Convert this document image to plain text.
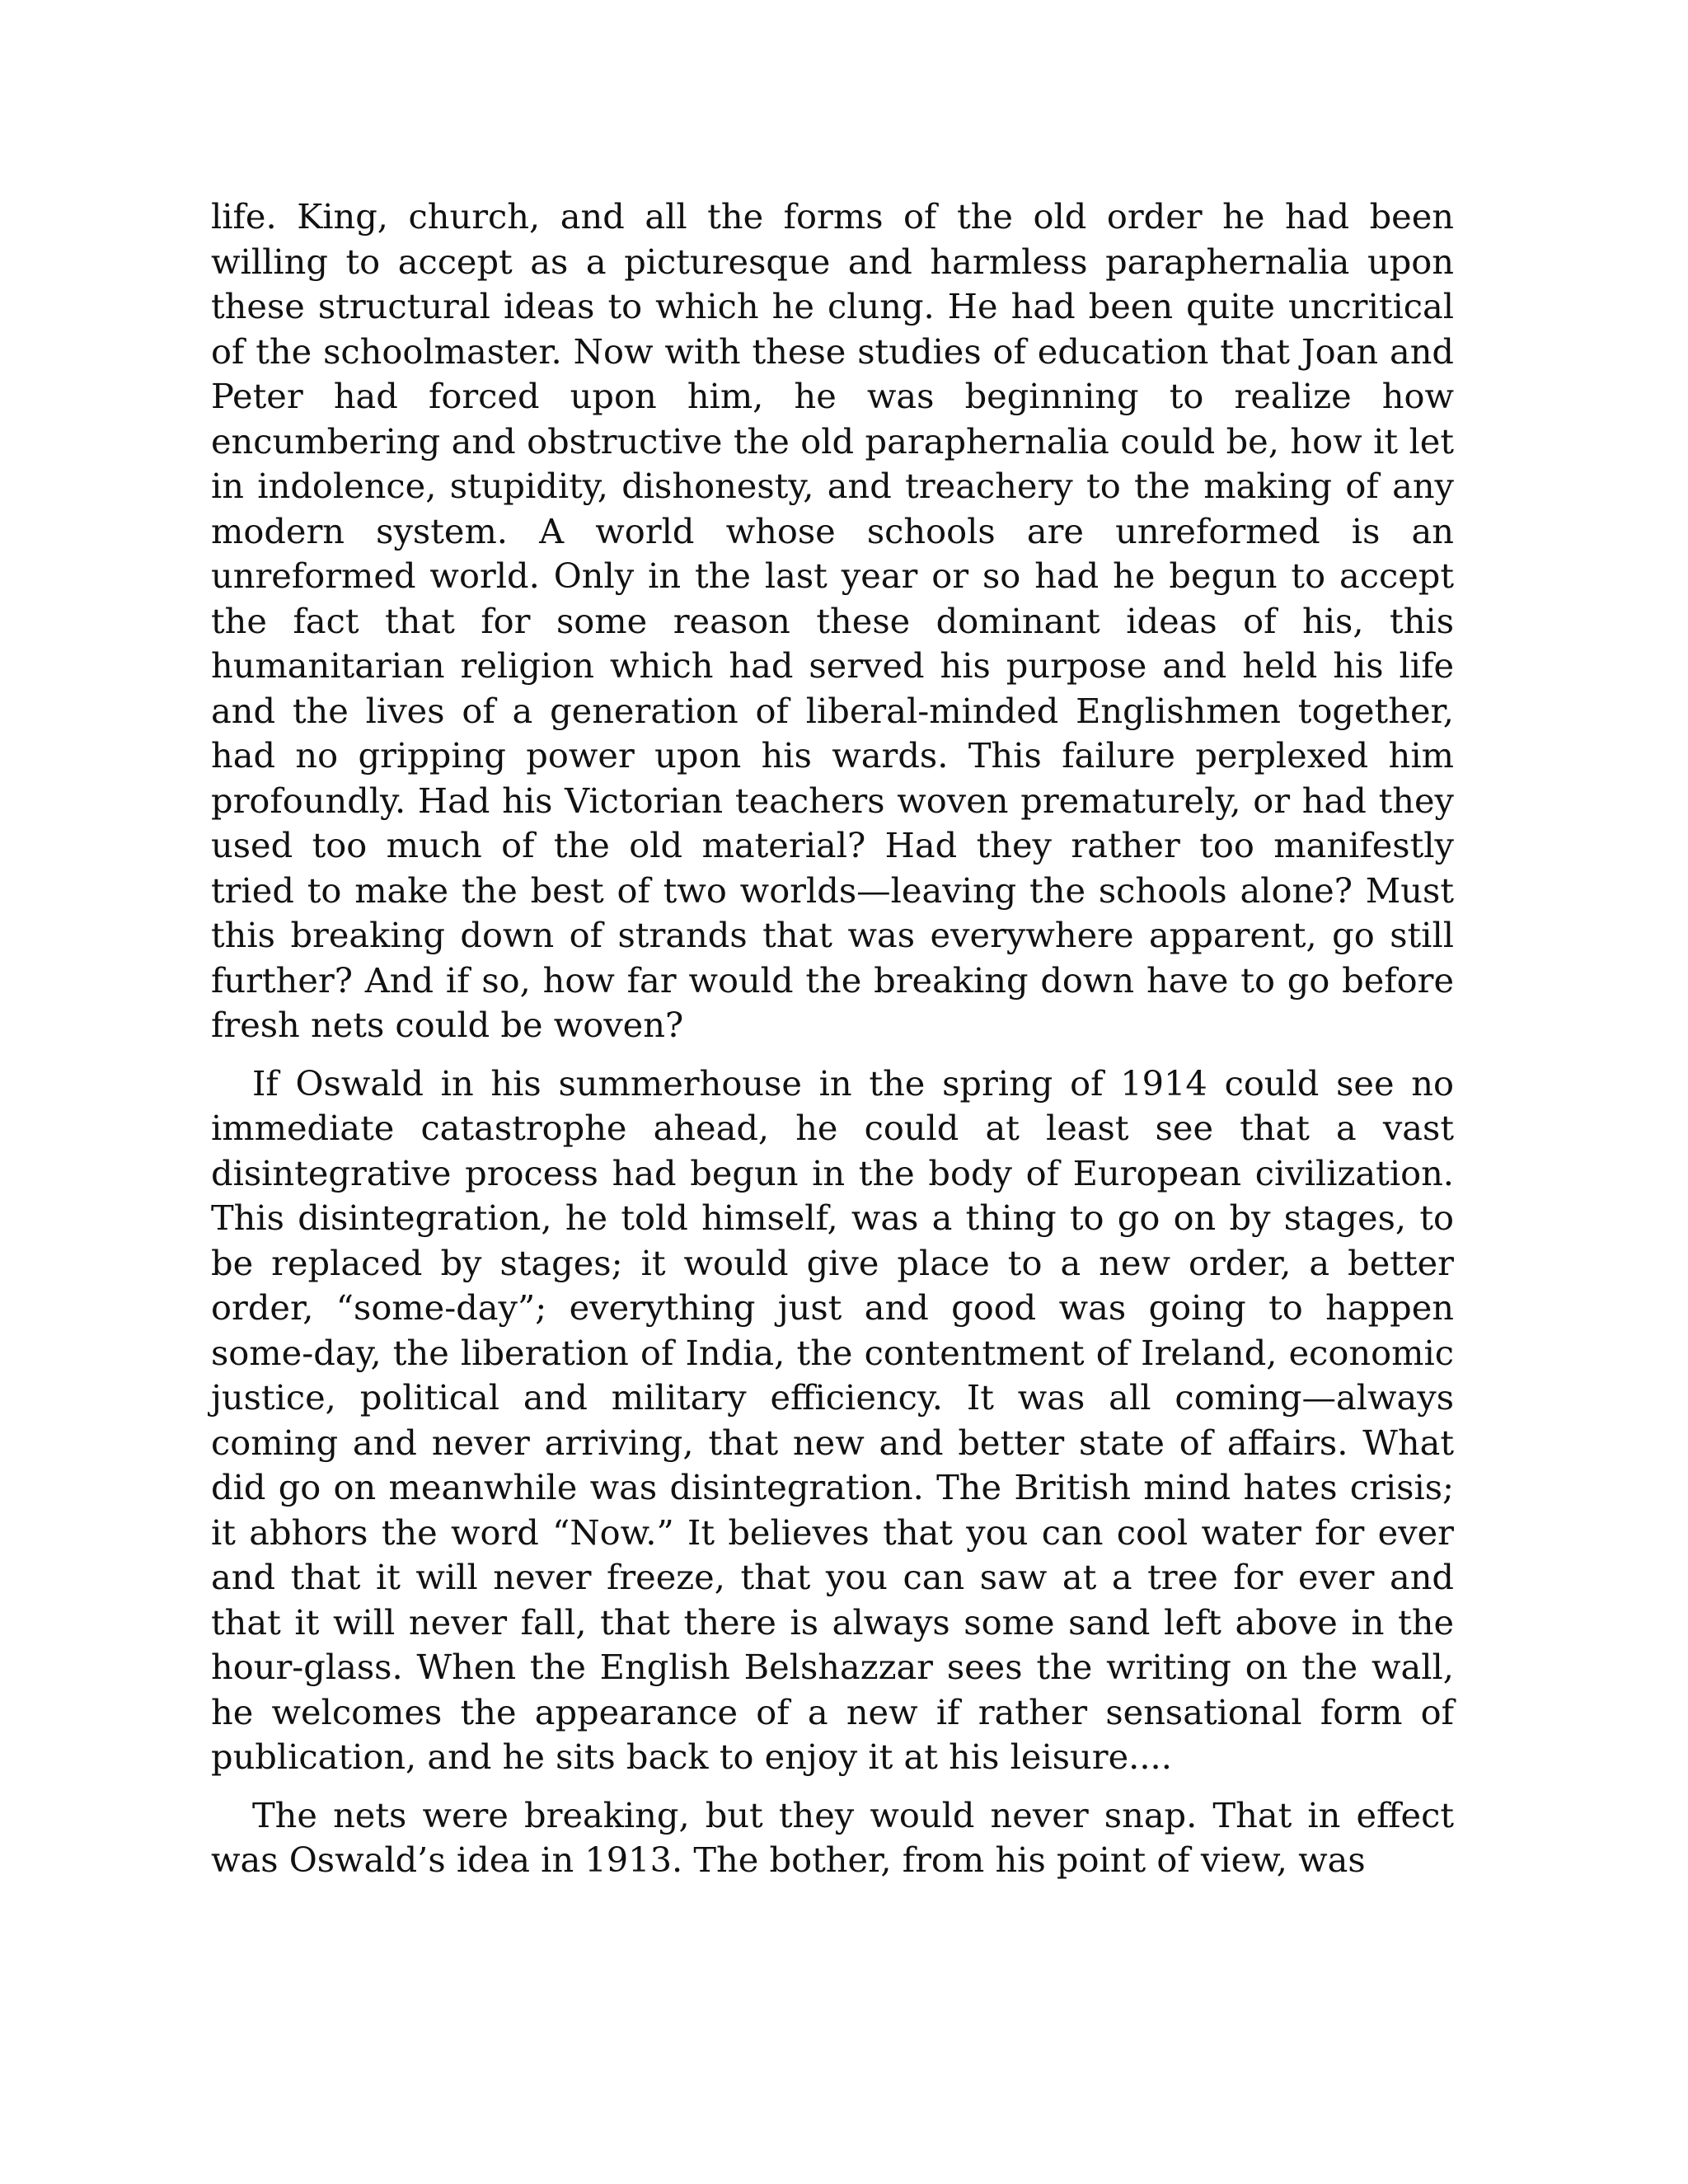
life. King, church, and all the forms of the old order he had been willing to accept as a picturesque and harmless paraphernalia upon these structural ideas to which he clung. He had been quite uncritical of the schoolmaster. Now with these studies of education that Joan and Peter had forced upon him, he was beginning to realize how encumbering and obstructive the old paraphernalia could be, how it let in indolence, stupidity, dishonesty, and treachery to the making of any modern system. A world whose schools are unreformed is an unreformed world. Only in the last year or so had he begun to accept the fact that for some reason these dominant ideas of his, this humanitarian religion which had served his purpose and held his life and the lives of a generation of liberal-minded Englishmen together, had no gripping power upon his wards. This failure perplexed him profoundly. Had his Victorian teachers woven prematurely, or had they used too much of the old material? Had they rather too manifestly tried to make the best of two worlds—leaving the schools alone? Must this breaking down of strands that was everywhere apparent, go still further? And if so, how far would the breaking down have to go before fresh nets could be woven?

If Oswald in his summerhouse in the spring of 1914 could see no immediate catastrophe ahead, he could at least see that a vast disintegrative process had begun in the body of European civilization. This disintegration, he told himself, was a thing to go on by stages, to be replaced by stages; it would give place to a new order, a better order, “some-day”; everything just and good was going to happen some-day, the liberation of India, the contentment of Ireland, economic justice, political and military efficiency. It was all coming—always coming and never arriving, that new and better state of affairs. What did go on meanwhile was disintegration. The British mind hates crisis; it abhors the word “Now.” It believes that you can cool water for ever and that it will never freeze, that you can saw at a tree for ever and that it will never fall, that there is always some sand left above in the hour-glass. When the English Belshazzar sees the writing on the wall, he welcomes the appearance of a new if rather sensational form of publication, and he sits back to enjoy it at his leisure....

The nets were breaking, but they would never snap. That in effect was Oswald’s idea in 1913. The bother, from his point of view, was
